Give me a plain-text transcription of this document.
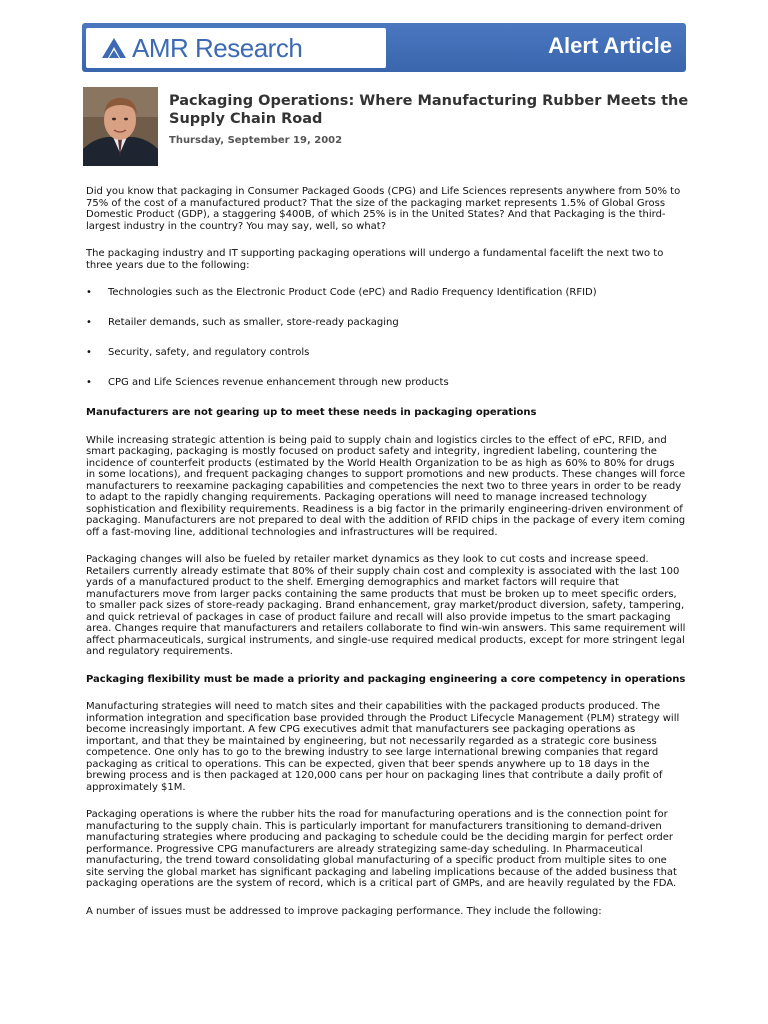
AMR Research	Alert Article
Packaging Operations: Where Manufacturing Rubber Meets the Supply Chain Road
Thursday, September 19, 2002

Did you know that packaging in Consumer Packaged Goods (CPG) and Life Sciences represents anywhere from 50% to 75% of the cost of a manufactured product? That the size of the packaging market represents 1.5% of Global Gross Domestic Product (GDP), a staggering $400B, of which 25% is in the United States? And that Packaging is the third-largest industry in the country? You may say, well, so what?

The packaging industry and IT supporting packaging operations will undergo a fundamental facelift the next two to three years due to the following:

• Technologies such as the Electronic Product Code (ePC) and Radio Frequency Identification (RFID)
• Retailer demands, such as smaller, store-ready packaging
• Security, safety, and regulatory controls
• CPG and Life Sciences revenue enhancement through new products
Manufacturers are not gearing up to meet these needs in packaging operations

While increasing strategic attention is being paid to supply chain and logistics circles to the effect of ePC, RFID, and smart packaging, packaging is mostly focused on product safety and integrity, ingredient labeling, countering the incidence of counterfeit products (estimated by the World Health Organization to be as high as 60% to 80% for drugs in some locations), and frequent packaging changes to support promotions and new products. These changes will force manufacturers to reexamine packaging capabilities and competencies the next two to three years in order to be ready to adapt to the rapidly changing requirements. Packaging operations will need to manage increased technology sophistication and flexibility requirements. Readiness is a big factor in the primarily engineering-driven environment of packaging. Manufacturers are not prepared to deal with the addition of RFID chips in the package of every item coming off a fast-moving line, additional technologies and infrastructures will be required.

Packaging changes will also be fueled by retailer market dynamics as they look to cut costs and increase speed. Retailers currently already estimate that 80% of their supply chain cost and complexity is associated with the last 100 yards of a manufactured product to the shelf. Emerging demographics and market factors will require that manufacturers move from larger packs containing the same products that must be broken up to meet specific orders, to smaller pack sizes of store-ready packaging. Brand enhancement, gray market/product diversion, safety, tampering, and quick retrieval of packages in case of product failure and recall will also provide impetus to the smart packaging area. Changes require that manufacturers and retailers collaborate to find win-win answers. This same requirement will affect pharmaceuticals, surgical instruments, and single-use required medical products, except for more stringent legal and regulatory requirements.

Packaging flexibility must be made a priority and packaging engineering a core competency in operations

Manufacturing strategies will need to match sites and their capabilities with the packaged products produced. The information integration and specification base provided through the Product Lifecycle Management (PLM) strategy will become increasingly important. A few CPG executives admit that manufacturers see packaging operations as important, and that they be maintained by engineering, but not necessarily regarded as a strategic core business competence. One only has to go to the brewing industry to see large international brewing companies that regard packaging as critical to operations. This can be expected, given that beer spends anywhere up to 18 days in the brewing process and is then packaged at 120,000 cans per hour on packaging lines that contribute a daily profit of approximately $1M.

Packaging operations is where the rubber hits the road for manufacturing operations and is the connection point for manufacturing to the supply chain. This is particularly important for manufacturers transitioning to demand-driven manufacturing strategies where producing and packaging to schedule could be the deciding margin for perfect order performance. Progressive CPG manufacturers are already strategizing same-day scheduling. In Pharmaceutical manufacturing, the trend toward consolidating global manufacturing of a specific product from multiple sites to one site serving the global market has significant packaging and labeling implications because of the added business that packaging operations are the system of record, which is a critical part of GMPs, and are heavily regulated by the FDA.

A number of issues must be addressed to improve packaging performance. They include the following:
